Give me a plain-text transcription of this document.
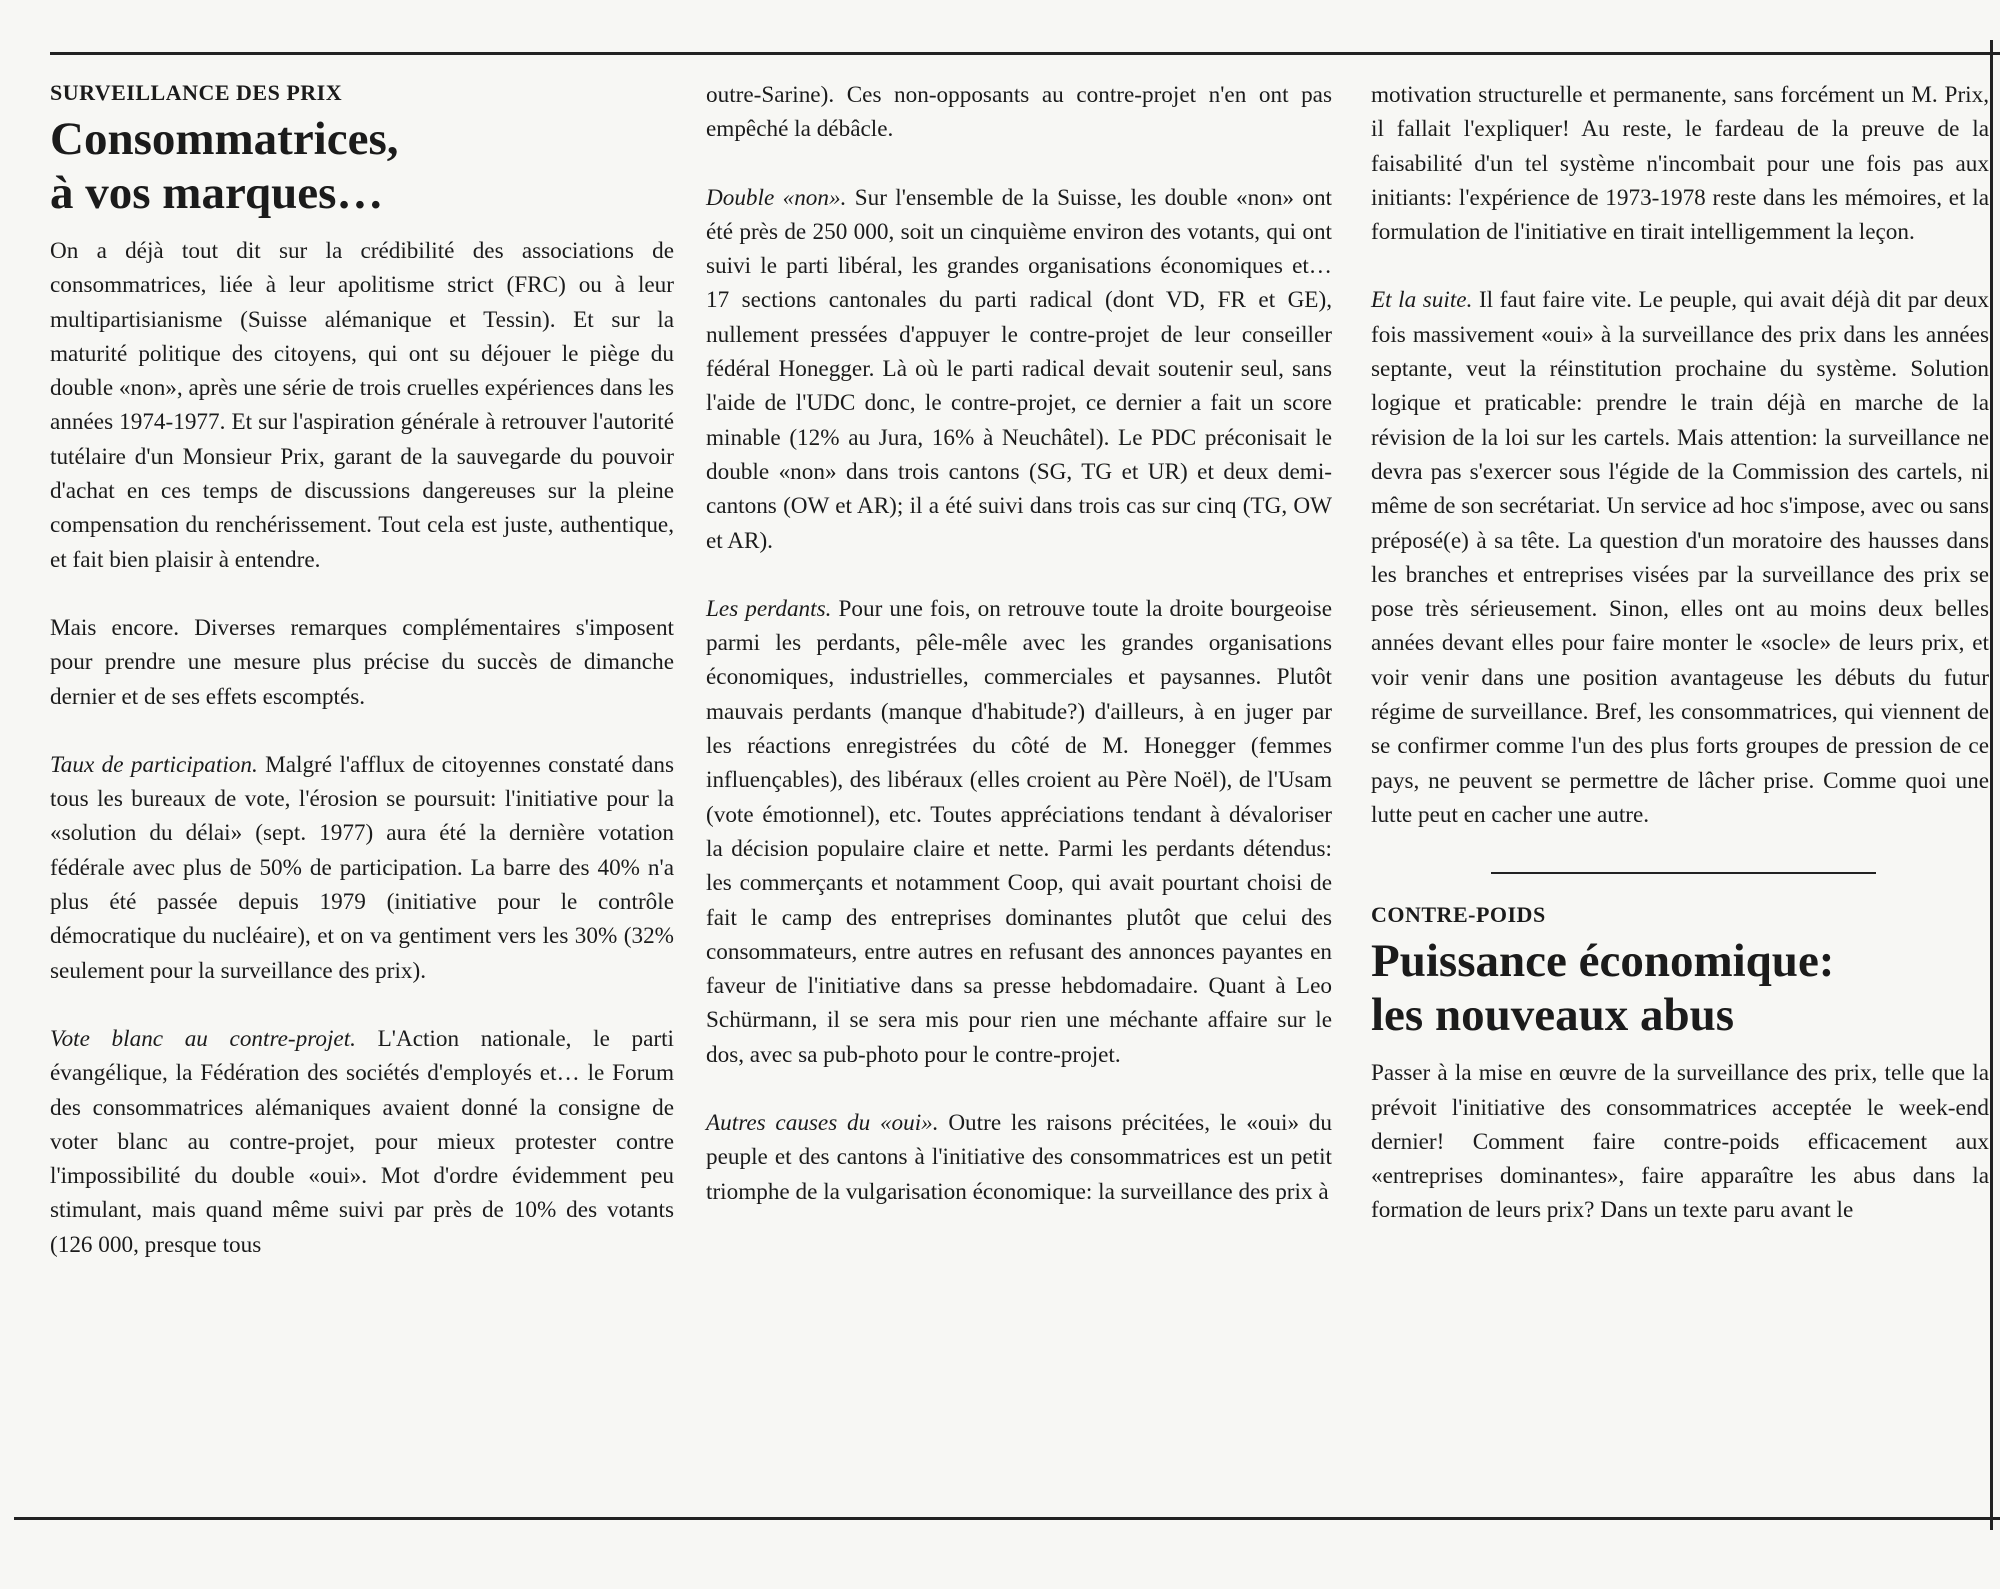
SURVEILLANCE DES PRIX
Consommatrices,
à vos marques…

On a déjà tout dit sur la crédibilité des associations de consommatrices, liée à leur apolitisme strict (FRC) ou à leur multipartisianisme (Suisse alémanique et Tessin). Et sur la maturité politique des citoyens, qui ont su déjouer le piège du double «non», après une série de trois cruelles expériences dans les années 1974-1977. Et sur l'aspiration générale à retrouver l'autorité tutélaire d'un Monsieur Prix, garant de la sauvegarde du pouvoir d'achat en ces temps de discussions dangereuses sur la pleine compensation du renchérissement. Tout cela est juste, authentique, et fait bien plaisir à entendre.

Mais encore. Diverses remarques complémentaires s'imposent pour prendre une mesure plus précise du succès de dimanche dernier et de ses effets escomptés.

Taux de participation. Malgré l'afflux de citoyennes constaté dans tous les bureaux de vote, l'érosion se poursuit: l'initiative pour la «solution du délai» (sept. 1977) aura été la dernière votation fédérale avec plus de 50% de participation. La barre des 40% n'a plus été passée depuis 1979 (initiative pour le contrôle démocratique du nucléaire), et on va gentiment vers les 30% (32% seulement pour la surveillance des prix).

Vote blanc au contre-projet. L'Action nationale, le parti évangélique, la Fédération des sociétés d'employés et… le Forum des consommatrices alémaniques avaient donné la consigne de voter blanc au contre-projet, pour mieux protester contre l'impossibilité du double «oui». Mot d'ordre évidemment peu stimulant, mais quand même suivi par près de 10% des votants (126 000, presque tous

outre-Sarine). Ces non-opposants au contre-projet n'en ont pas empêché la débâcle.

Double «non». Sur l'ensemble de la Suisse, les double «non» ont été près de 250 000, soit un cinquième environ des votants, qui ont suivi le parti libéral, les grandes organisations économiques et… 17 sections cantonales du parti radical (dont VD, FR et GE), nullement pressées d'appuyer le contre-projet de leur conseiller fédéral Honegger. Là où le parti radical devait soutenir seul, sans l'aide de l'UDC donc, le contre-projet, ce dernier a fait un score minable (12% au Jura, 16% à Neuchâtel). Le PDC préconisait le double «non» dans trois cantons (SG, TG et UR) et deux demi-cantons (OW et AR); il a été suivi dans trois cas sur cinq (TG, OW et AR).

Les perdants. Pour une fois, on retrouve toute la droite bourgeoise parmi les perdants, pêle-mêle avec les grandes organisations économiques, industrielles, commerciales et paysannes. Plutôt mauvais perdants (manque d'habitude?) d'ailleurs, à en juger par les réactions enregistrées du côté de M. Honegger (femmes influençables), des libéraux (elles croient au Père Noël), de l'Usam (vote émotionnel), etc. Toutes appréciations tendant à dévaloriser la décision populaire claire et nette. Parmi les perdants détendus: les commerçants et notamment Coop, qui avait pourtant choisi de fait le camp des entreprises dominantes plutôt que celui des consommateurs, entre autres en refusant des annonces payantes en faveur de l'initiative dans sa presse hebdomadaire. Quant à Leo Schürmann, il se sera mis pour rien une méchante affaire sur le dos, avec sa pub-photo pour le contre-projet.

Autres causes du «oui». Outre les raisons précitées, le «oui» du peuple et des cantons à l'initiative des consommatrices est un petit triomphe de la vulgarisation économique: la surveillance des prix à

motivation structurelle et permanente, sans forcément un M. Prix, il fallait l'expliquer! Au reste, le fardeau de la preuve de la faisabilité d'un tel système n'incombait pour une fois pas aux initiants: l'expérience de 1973-1978 reste dans les mémoires, et la formulation de l'initiative en tirait intelligemment la leçon.

Et la suite. Il faut faire vite. Le peuple, qui avait déjà dit par deux fois massivement «oui» à la surveillance des prix dans les années septante, veut la réinstitution prochaine du système. Solution logique et praticable: prendre le train déjà en marche de la révision de la loi sur les cartels. Mais attention: la surveillance ne devra pas s'exercer sous l'égide de la Commission des cartels, ni même de son secrétariat. Un service ad hoc s'impose, avec ou sans préposé(e) à sa tête. La question d'un moratoire des hausses dans les branches et entreprises visées par la surveillance des prix se pose très sérieusement. Sinon, elles ont au moins deux belles années devant elles pour faire monter le «socle» de leurs prix, et voir venir dans une position avantageuse les débuts du futur régime de surveillance. Bref, les consommatrices, qui viennent de se confirmer comme l'un des plus forts groupes de pression de ce pays, ne peuvent se permettre de lâcher prise. Comme quoi une lutte peut en cacher une autre.

CONTRE-POIDS
Puissance économique:
les nouveaux abus

Passer à la mise en œuvre de la surveillance des prix, telle que la prévoit l'initiative des consommatrices acceptée le week-end dernier! Comment faire contre-poids efficacement aux «entreprises dominantes», faire apparaître les abus dans la formation de leurs prix? Dans un texte paru avant le
